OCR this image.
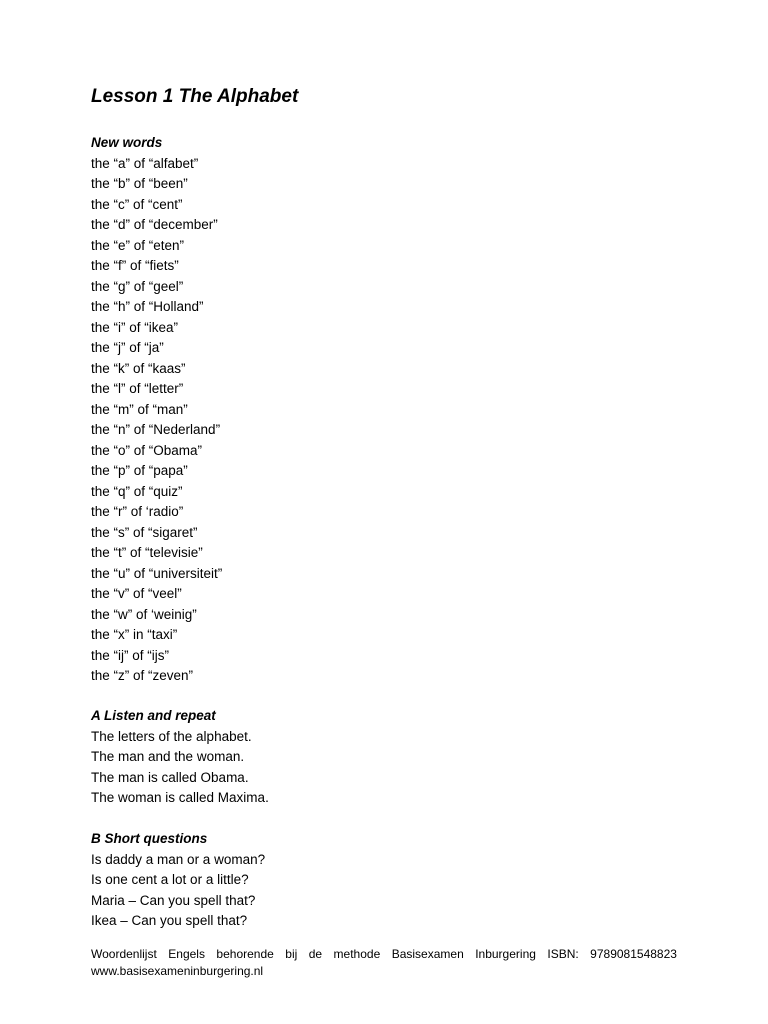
Lesson 1 The Alphabet
New words
the “a” of “alfabet”
the “b” of “been”
the “c” of “cent”
the “d” of “december”
the “e” of “eten”
the “f” of “fiets”
the “g” of “geel”
the “h” of “Holland”
the “i” of “ikea”
the “j” of “ja”
the “k” of “kaas”
the “l” of “letter”
the “m” of “man”
the “n” of “Nederland”
the “o” of “Obama”
the “p” of “papa”
the “q” of “quiz”
the “r” of ‘radio”
the “s” of “sigaret”
the “t” of “televisie”
the “u” of “universiteit”
the “v” of “veel”
the “w” of ‘weinig”
the “x” in “taxi”
the “ij” of “ijs”
the “z” of “zeven”
A Listen and repeat
The letters of the alphabet.
The man and the woman.
The man is called Obama.
The woman is called Maxima.
B Short questions
Is daddy a man or a woman?
Is one cent a lot or a little?
Maria – Can you spell that?
Ikea – Can you spell that?
Woordenlijst Engels behorende bij de methode Basisexamen Inburgering ISBN: 9789081548823
www.basisexameninburgering.nl
